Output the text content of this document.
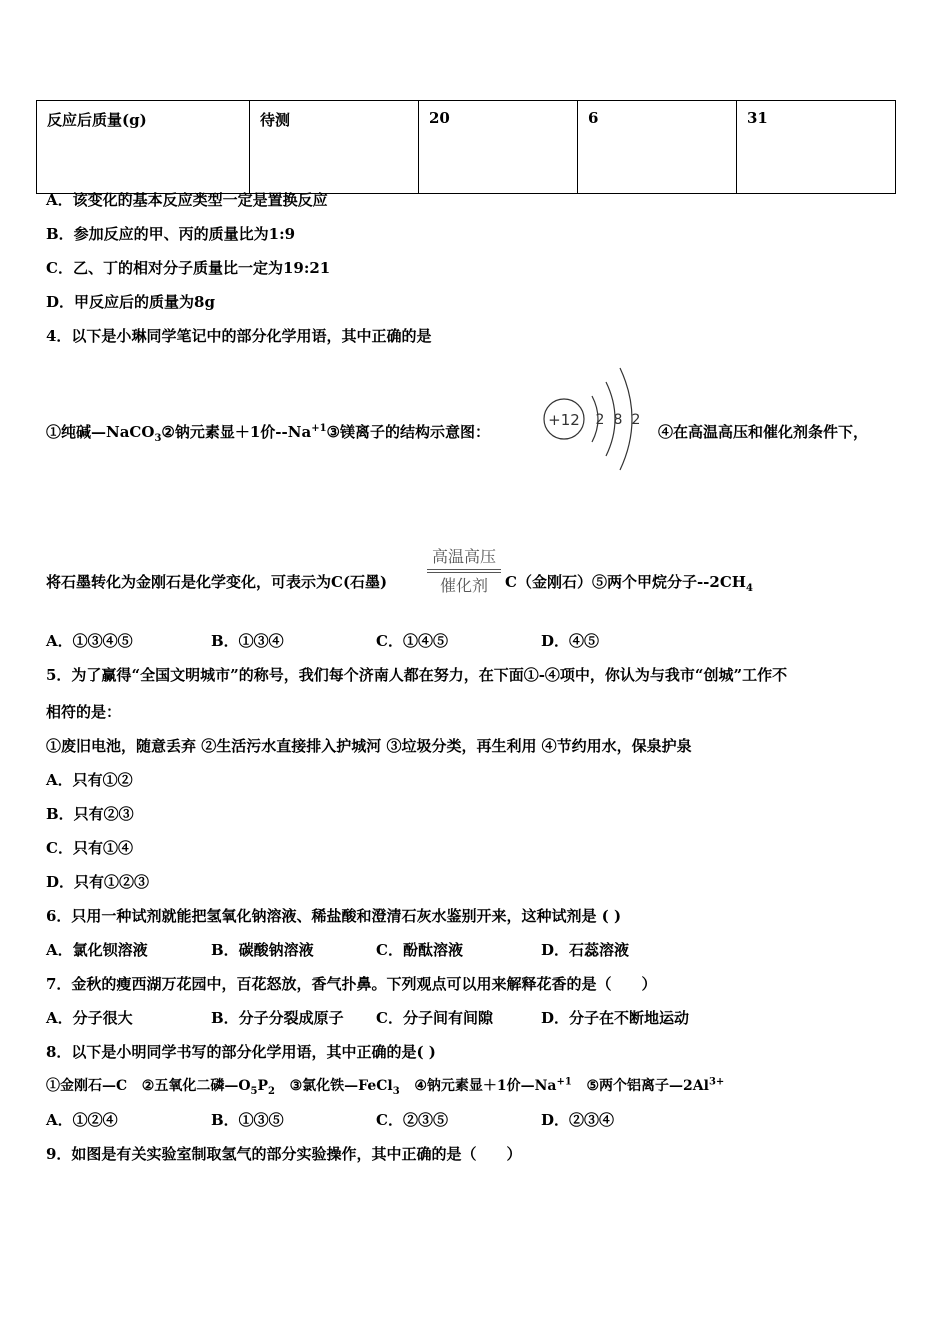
反应后质量(g)	待测	20	6	31
A．该变化的基本反应类型一定是置换反应
B．参加反应的甲、丙的质量比为1:9
C．乙、丁的相对分子质量比一定为19:21
D．甲反应后的质量为8g
4．以下是小琳同学笔记中的部分化学用语，其中正确的是
①纯碱—NaCO$_3$②钠元素显＋1价$--Na^{+1}③$镁离子的结构示意图：
+12 2 8 2
④在高温高压和催化剂条件下，
将石墨转化为金刚石是化学变化，可表示为C(石墨)
高温高压
催化剂	C（金刚石）⑤两个甲烷分子$--2CH_4$
A．①③④⑤	B．①③④	C．①④⑤	D．④⑤
5．为了赢得“全国文明城市”的称号，我们每个济南人都在努力，在下面①-④项中，你认为与我市“创城”工作不
相符的是：
①废旧电池，随意丢弃 ②生活污水直接排入护城河 ③垃圾分类，再生利用 ④节约用水，保泉护泉
A．只有①②
B．只有②③
C．只有①④
D．只有①②③
6．只用一种试剂就能把氢氧化钠溶液、稀盐酸和澄清石灰水鉴别开来，这种试剂是 ( )
A．氯化钡溶液	B．碳酸钠溶液	C．酚酞溶液	D．石蕊溶液
7．金秋的瘦西湖万花园中，百花怒放，香气扑鼻。下列观点可以用来解释花香的是（　　）
A．分子很大	B．分子分裂成原子 C．分子间有间隙	D．分子在不断地运动
8．以下是小明同学书写的部分化学用语，其中正确的是( )
①金刚石—C ②五氧化二磷$—O_5P_2$ ③氯化铁—FeCl$_3$ ④钠元素显＋1价$—Na^{+1}$ ⑤两个铝离子$—2Al^{3+}$
A．①②④	B．①③⑤	C．②③⑤	D．②③④
9．如图是有关实验室制取氢气的部分实验操作，其中正确的是（　　）
